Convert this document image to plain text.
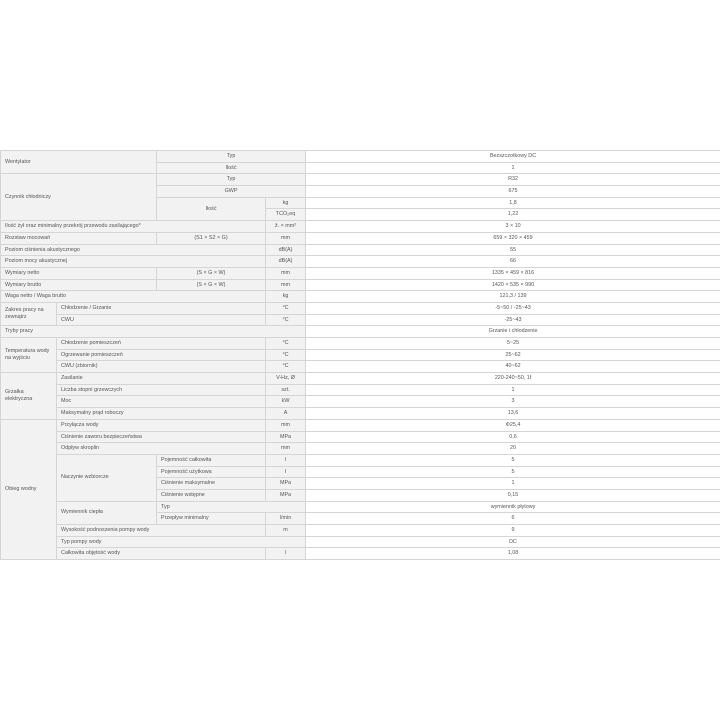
Wentylator		Typ		Bezszczotkowy DC
		Ilość		1
Czynnik chłodniczy		Typ		R32
		GWP		675
		Ilość	kg	1,8
			TCO₂eq	1,22
Ilość żył oraz minimalny przekrój przewodu zasilającego*			ž. × mm²	3 × 10
Rozstaw mocowań		(S1 × S2 × G)	mm	659 × 320 × 459
Poziom ciśnienia akustycznego			dB(A)	55
Poziom mocy akustycznej			dB(A)	66
Wymiary netto		(S × G × W)	mm	1335 × 459 × 816
Wymiary brutto		(S × G × W)	mm	1420 × 535 × 990
Waga netto / Waga brutto			kg	121,3 / 139
Zakres pracy na zewnątrz	Chłodzenie / Grzanie		°C	-5~50 / -25~43
	CWU		°C	-25~43
Tryby pracy				Grzanie i chłodzenie
Temperatura wody na wyjściu	Chłodzenie pomieszczeń		°C	5~25
	Ogrzewanie pomieszczeń		°C	25~62
	CWU (zbiornik)		°C	40~62
Grzałka elektryczna	Zasilanie		V-Hz, Ø	220-240~50, 1f
	Liczba stopni grzewczych		szt.	1
	Moc		kW	3
	Maksymalny prąd roboczy		A	13,6
Obieg wodny	Przyłącza wody		mm	Φ25,4
	Ciśnienie zaworu bezpieczeństwa		MPa	0,6
	Odpływ skroplin		mm	20
	Naczynie wzbiorcze	Pojemność całkowita	l	5
		Pojemność użytkowa	l	5
		Ciśnienie maksymalne	MPa	1
		Ciśnienie wstępne	MPa	0,15
	Wymiennik ciepła	Typ		wymiennik płytowy
		Przepływ minimalny	l/min	6
	Wysokość podnoszenia pompy wody		m	9
	Typ pompy wody			DC
	Całkowita objętość wody		l	1,08
